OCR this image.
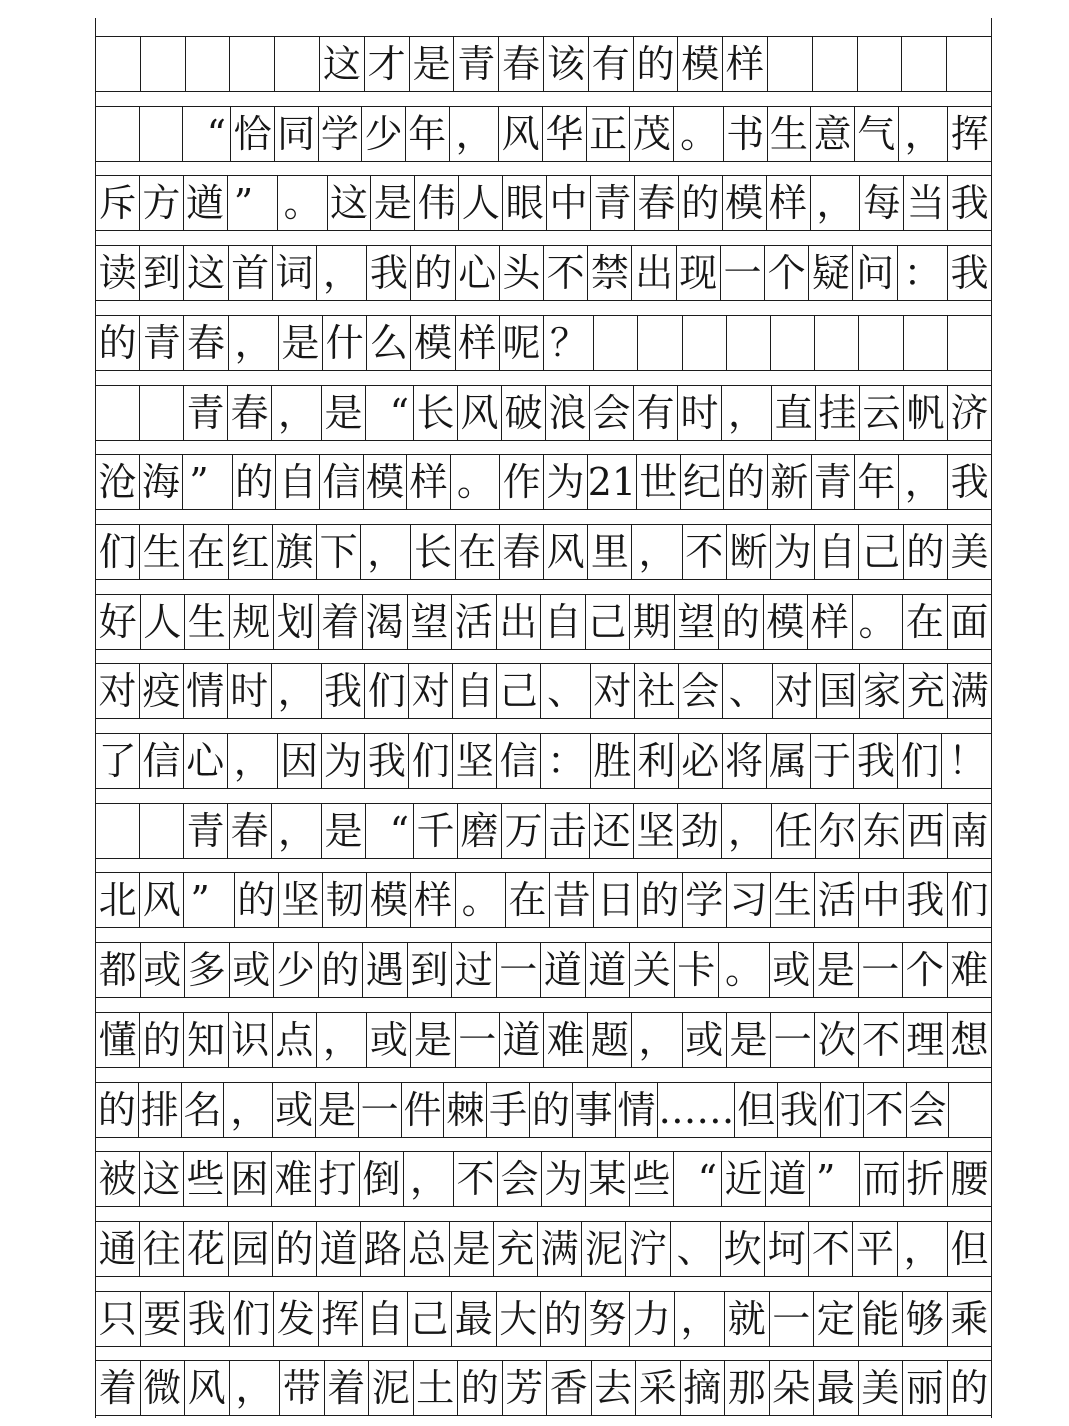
这 才 是 青 春 该 有 的 模 样
“ 恰 同 学 少 年 ， 风 华 正 茂 。 书 生 意 气 ， 挥
斥 方 遒 ” 。 这 是 伟 人 眼 中 青 春 的 模 样 ， 每 当 我
读 到 这 首 词 ， 我 的 心 头 不 禁 出 现 一 个 疑 问 ： 我
的 青 春 ， 是 什 么 模 样 呢 ？
青 春 ， 是 “ 长 风 破 浪 会 有 时 ， 直 挂 云 帆 济
沧 海 ” 的 自 信 模 样 。 作 为 21 世 纪 的 新 青 年 ， 我
们 生 在 红 旗 下 ， 长 在 春 风 里 ， 不 断 为 自 己 的 美
好 人 生 规 划 着 渴 望 活 出 自 己 期 望 的 模 样 。 在 面
对 疫 情 时 ， 我 们 对 自 己 、 对 社 会 、 对 国 家 充 满
了 信 心 ， 因 为 我 们 坚 信 ： 胜 利 必 将 属 于 我 们 ！
青 春 ， 是 “ 千 磨 万 击 还 坚 劲 ， 任 尔 东 西 南
北 风 ” 的 坚 韧 模 样 。 在 昔 日 的 学 习 生 活 中 我 们
都 或 多 或 少 的 遇 到 过 一 道 道 关 卡 。 或 是 一 个 难
懂 的 知 识 点 ， 或 是 一 道 难 题 ， 或 是 一 次 不 理 想
的 排 名 ， 或 是 一 件 棘 手 的 事 情 …… 但 我 们 不 会
被 这 些 困 难 打 倒 ， 不 会 为 某 些 “ 近 道 ” 而 折 腰
通 往 花 园 的 道 路 总 是 充 满 泥 泞 、 坎 坷 不 平 ， 但
只 要 我 们 发 挥 自 己 最 大 的 努 力 ， 就 一 定 能 够 乘
着 微 风 ， 带 着 泥 土 的 芳 香 去 采 摘 那 朵 最 美 丽 的
